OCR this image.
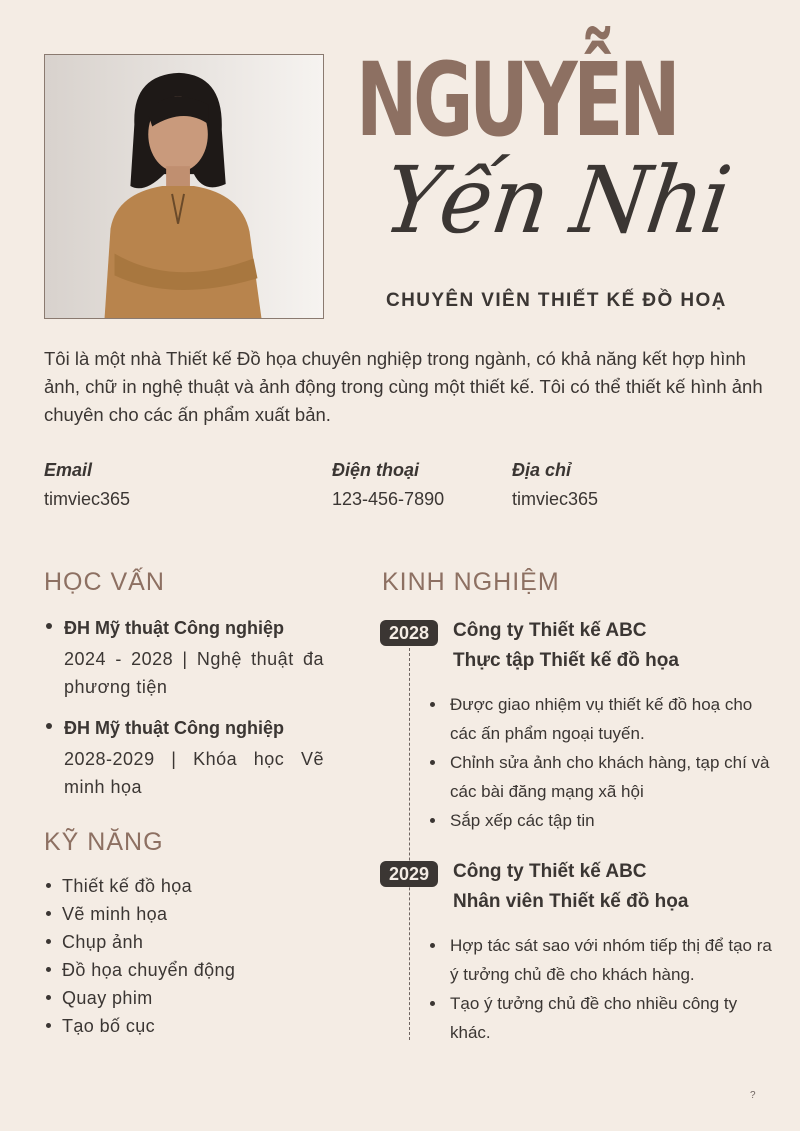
NGUYỄN
Yến Nhi
CHUYÊN VIÊN THIẾT KẾ ĐỒ HOẠ
Tôi là một nhà Thiết kế Đồ họa chuyên nghiệp trong ngành, có khả năng kết hợp hình ảnh, chữ in nghệ thuật và ảnh động trong cùng một thiết kế. Tôi có thể thiết kế hình ảnh chuyên cho các ấn phẩm xuất bản.
Email
timviec365
Điện thoại
123-456-7890
Địa chỉ
timviec365
HỌC VẤN
ĐH Mỹ thuật Công nghiệp
2024 - 2028 | Nghệ thuật đa phương tiện
ĐH Mỹ thuật Công nghiệp
2028-2029 | Khóa học Vẽ minh họa
KỸ NĂNG
Thiết kế đồ họa
Vẽ minh họa
Chụp ảnh
Đồ họa chuyển động
Quay phim
Tạo bố cục
KINH NGHIỆM
2028	Công ty Thiết kế ABC
Thực tập Thiết kế đồ họa
Được giao nhiệm vụ thiết kế đồ hoạ cho các ấn phẩm ngoại tuyến.
Chỉnh sửa ảnh cho khách hàng, tạp chí và các bài đăng mạng xã hội
Sắp xếp các tập tin
2029	Công ty Thiết kế ABC
Nhân viên Thiết kế đồ họa
Hợp tác sát sao với nhóm tiếp thị để tạo ra ý tưởng chủ đề cho khách hàng.
Tạo ý tưởng chủ đề cho nhiều công ty khác.
?
